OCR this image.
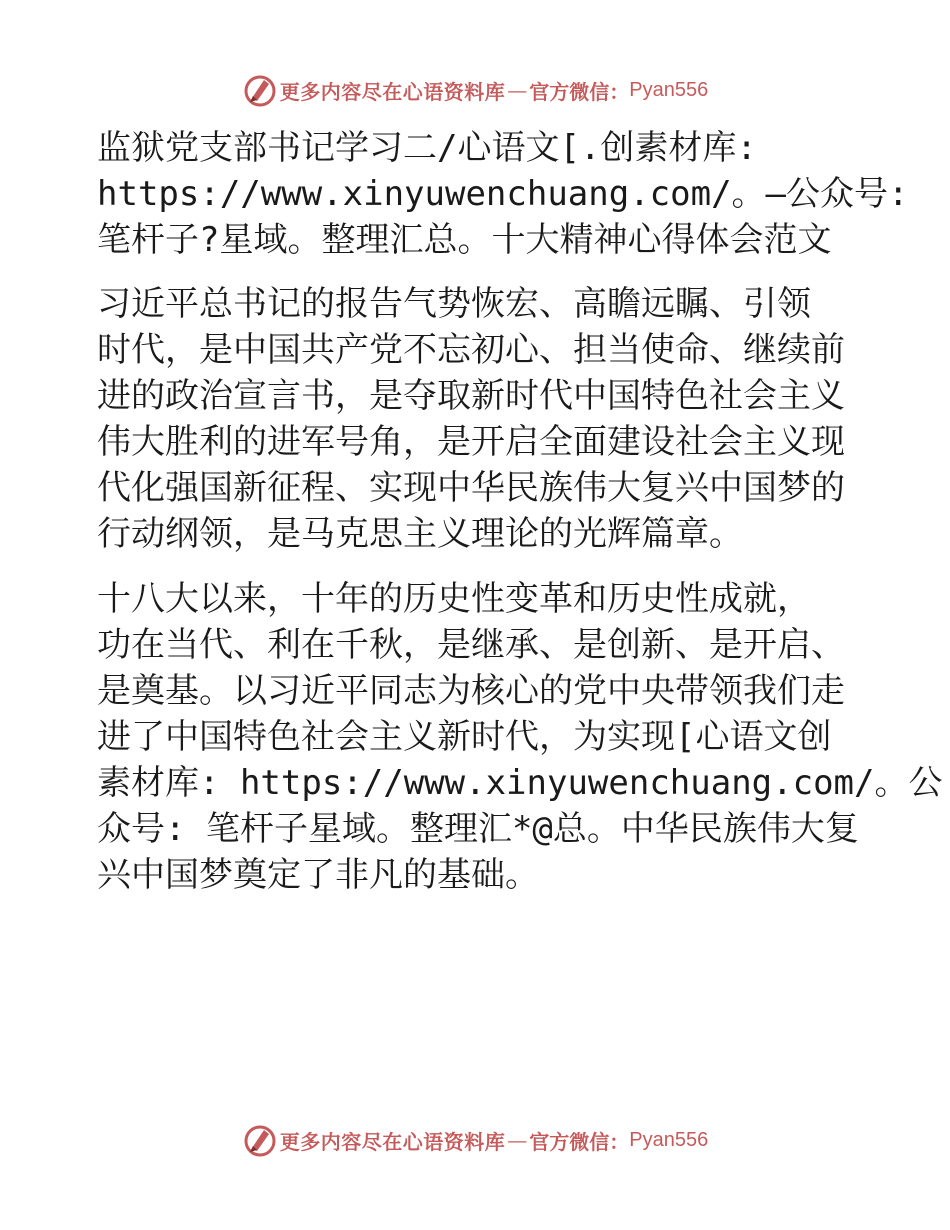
更多内容尽在心语资料库 — 官方微信： Pyan556

监狱党支部书记学习二/心语文[.创素材库:
https://www.xinyuwenchuang.com/。—公众号:
笔杆子?星域。整理汇总。十大精神心得体会范文

习近平总书记的报告气势恢宏、高瞻远瞩、引领
时代，是中国共产党不忘初心、担当使命、继续前
进的政治宣言书，是夺取新时代中国特色社会主义
伟大胜利的进军号角，是开启全面建设社会主义现
代化强国新征程、实现中华民族伟大复兴中国梦的
行动纲领，是马克思主义理论的光辉篇章。

十八大以来，十年的历史性变革和历史性成就，
功在当代、利在千秋，是继承、是创新、是开启、
是奠基。以习近平同志为核心的党中央带领我们走
进了中国特色社会主义新时代，为实现[心语文创
素材库: https://www.xinyuwenchuang.com/。公
众号: 笔杆子星域。整理汇*@总。中华民族伟大复
兴中国梦奠定了非凡的基础。

更多内容尽在心语资料库 — 官方微信： Pyan556
